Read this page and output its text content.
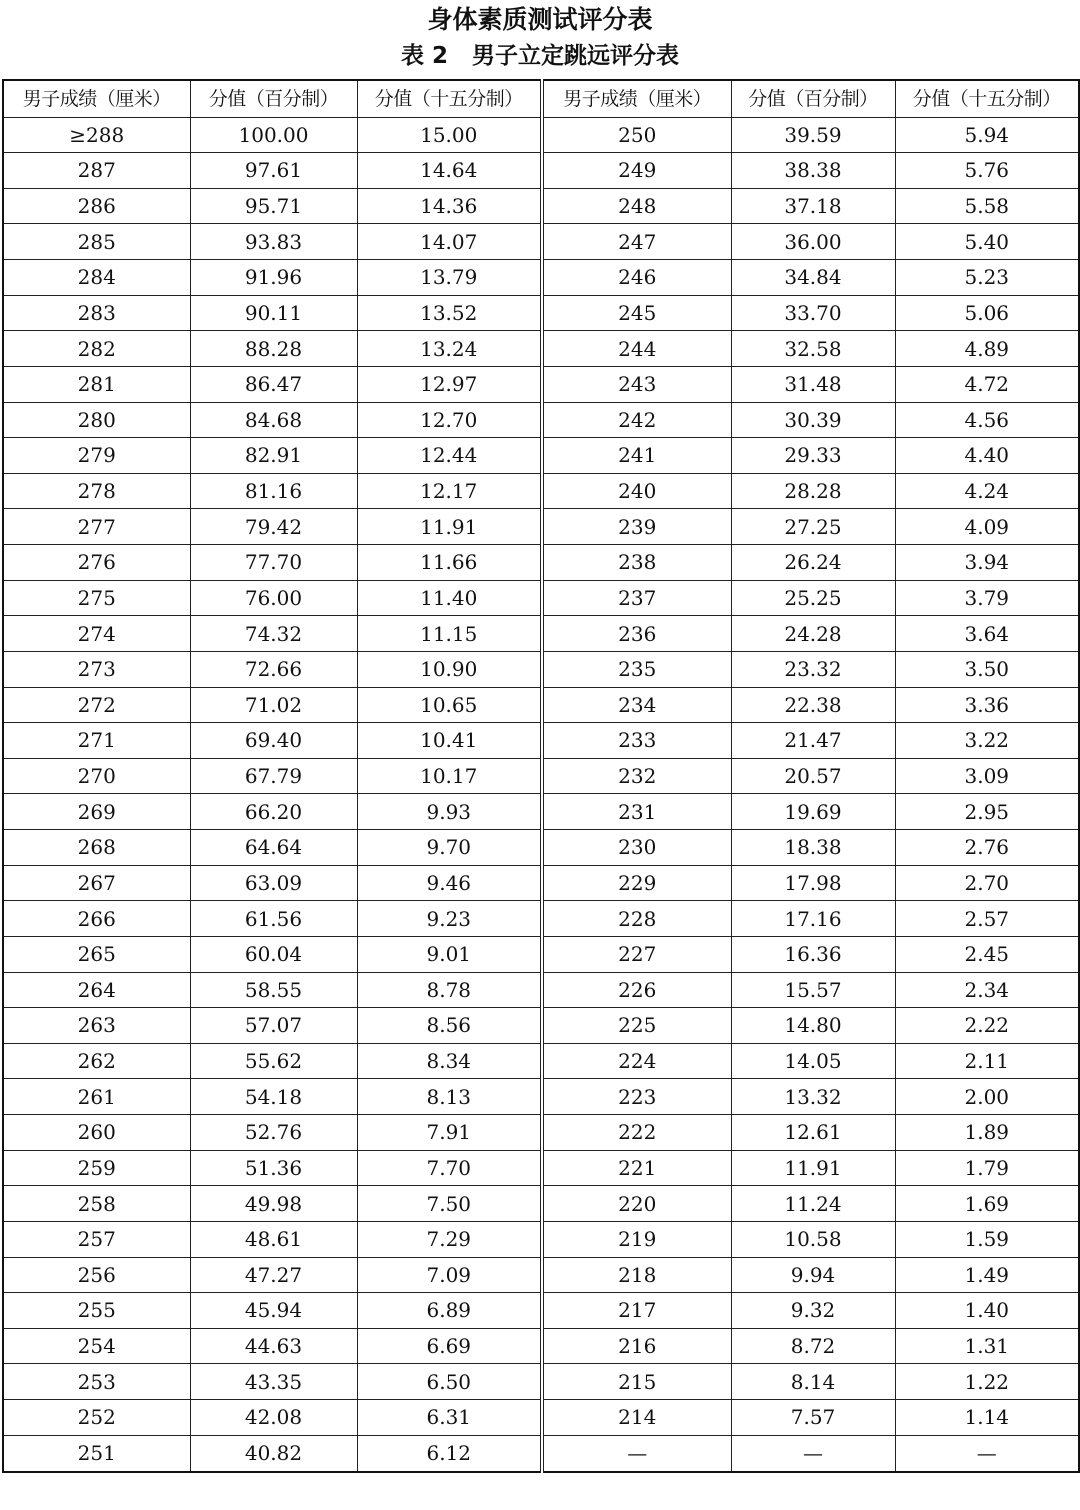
身体素质测试评分表
表 2   男子立定跳远评分表
男子成绩（厘米）	分值（百分制）	分值（十五分制）	男子成绩（厘米）	分值（百分制）	分值（十五分制）
≥288	100.00	15.00	250	39.59	5.94
287	97.61	14.64	249	38.38	5.76
286	95.71	14.36	248	37.18	5.58
285	93.83	14.07	247	36.00	5.40
284	91.96	13.79	246	34.84	5.23
283	90.11	13.52	245	33.70	5.06
282	88.28	13.24	244	32.58	4.89
281	86.47	12.97	243	31.48	4.72
280	84.68	12.70	242	30.39	4.56
279	82.91	12.44	241	29.33	4.40
278	81.16	12.17	240	28.28	4.24
277	79.42	11.91	239	27.25	4.09
276	77.70	11.66	238	26.24	3.94
275	76.00	11.40	237	25.25	3.79
274	74.32	11.15	236	24.28	3.64
273	72.66	10.90	235	23.32	3.50
272	71.02	10.65	234	22.38	3.36
271	69.40	10.41	233	21.47	3.22
270	67.79	10.17	232	20.57	3.09
269	66.20	9.93	231	19.69	2.95
268	64.64	9.70	230	18.38	2.76
267	63.09	9.46	229	17.98	2.70
266	61.56	9.23	228	17.16	2.57
265	60.04	9.01	227	16.36	2.45
264	58.55	8.78	226	15.57	2.34
263	57.07	8.56	225	14.80	2.22
262	55.62	8.34	224	14.05	2.11
261	54.18	8.13	223	13.32	2.00
260	52.76	7.91	222	12.61	1.89
259	51.36	7.70	221	11.91	1.79
258	49.98	7.50	220	11.24	1.69
257	48.61	7.29	219	10.58	1.59
256	47.27	7.09	218	9.94	1.49
255	45.94	6.89	217	9.32	1.40
254	44.63	6.69	216	8.72	1.31
253	43.35	6.50	215	8.14	1.22
252	42.08	6.31	214	7.57	1.14
251	40.82	6.12	—	—	—
